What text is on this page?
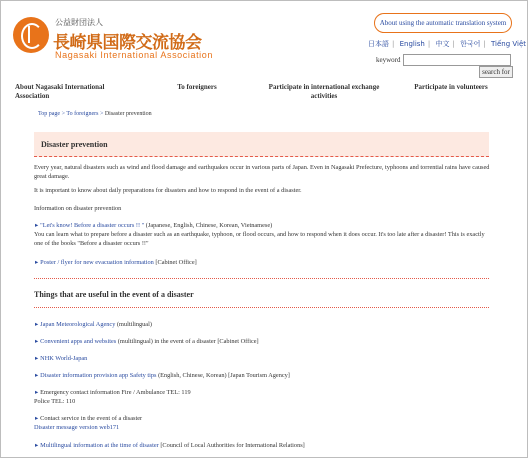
公益財団法人
長崎県国際交流協会
Nagasaki International Association
About using the automatic translation system
日本語 | English | 中文 | 한국어 | Tiếng Việt
keyword
search for
About Nagasaki International Association
To foreigners	Participate in international exchange activities
Participate in volunteers
Top page > To foreigners > Disaster prevention
Disaster prevention
Every year, natural disasters such as wind and flood damage and earthquakes occur in various parts of Japan. Even in Nagasaki Prefecture, typhoons and torrential rains have caused great damage.
It is important to know about daily preparations for disasters and how to respond in the event of a disaster.
Information on disaster prevention
▸ "Let's know! Before a disaster occurs !! " (Japanese, English, Chinese, Korean, Vietnamese)
You can learn what to prepare before a disaster such as an earthquake, typhoon, or flood occurs, and how to respond when it does occur. It's too late after a disaster! This is exactly one of the books "Before a disaster occurs !!"
▸ Poster / flyer for new evacuation information [Cabinet Office]
Things that are useful in the event of a disaster
▸ Japan Meteorological Agency (multilingual)
▸ Convenient apps and websites (multilingual) in the event of a disaster [Cabinet Office]
▸ NHK World-Japan
▸ Disaster information provision app Safety tips (English, Chinese, Korean) [Japan Tourism Agency]
▸ Emergency contact information Fire / Ambulance TEL: 119
Police TEL: 110
▸ Contact service in the event of a disaster
Disaster message version web171
▸ Multilingual information at the time of disaster [Council of Local Authorities for International Relations]
